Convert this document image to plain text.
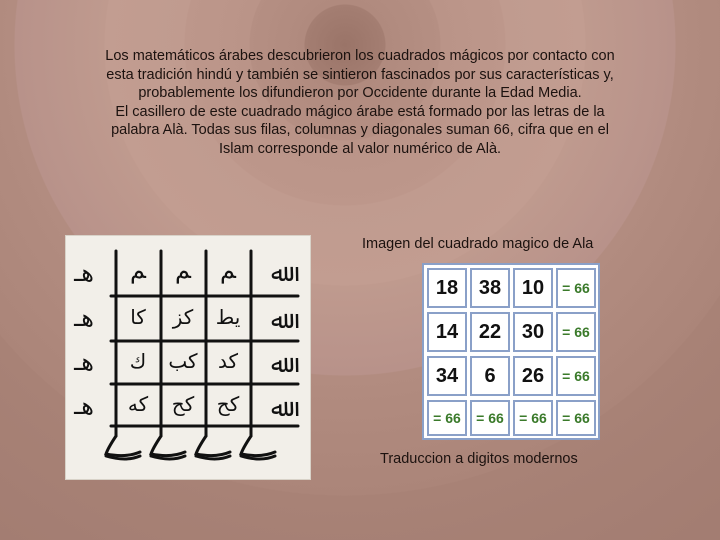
Los matemáticos árabes descubrieron los cuadrados mágicos por contacto con
esta tradición hindú y también se sintieron fascinados por sus características y,
probablemente los difundieron por Occidente durante la Edad Media.
El casillero de este cuadrado mágico árabe está formado por las letras de la
palabra Alà. Todas sus filas, columnas y diagonales suman 66, cifra que en el
Islam corresponde al valor numérico de Alà.

ﻫـ ﻢ ﻢ ﻢ ﷲ
ﻫـ كا كز يط ﷲ
ﻫـ ك كب كد ﷲ
ﻫـ كه كح كح ﷲ

Imagen del cuadrado magico de Ala

18	38	10	= 66
14	22	30	= 66
34	6	26	= 66
= 66	= 66	= 66	= 66

Traduccion a digitos modernos
